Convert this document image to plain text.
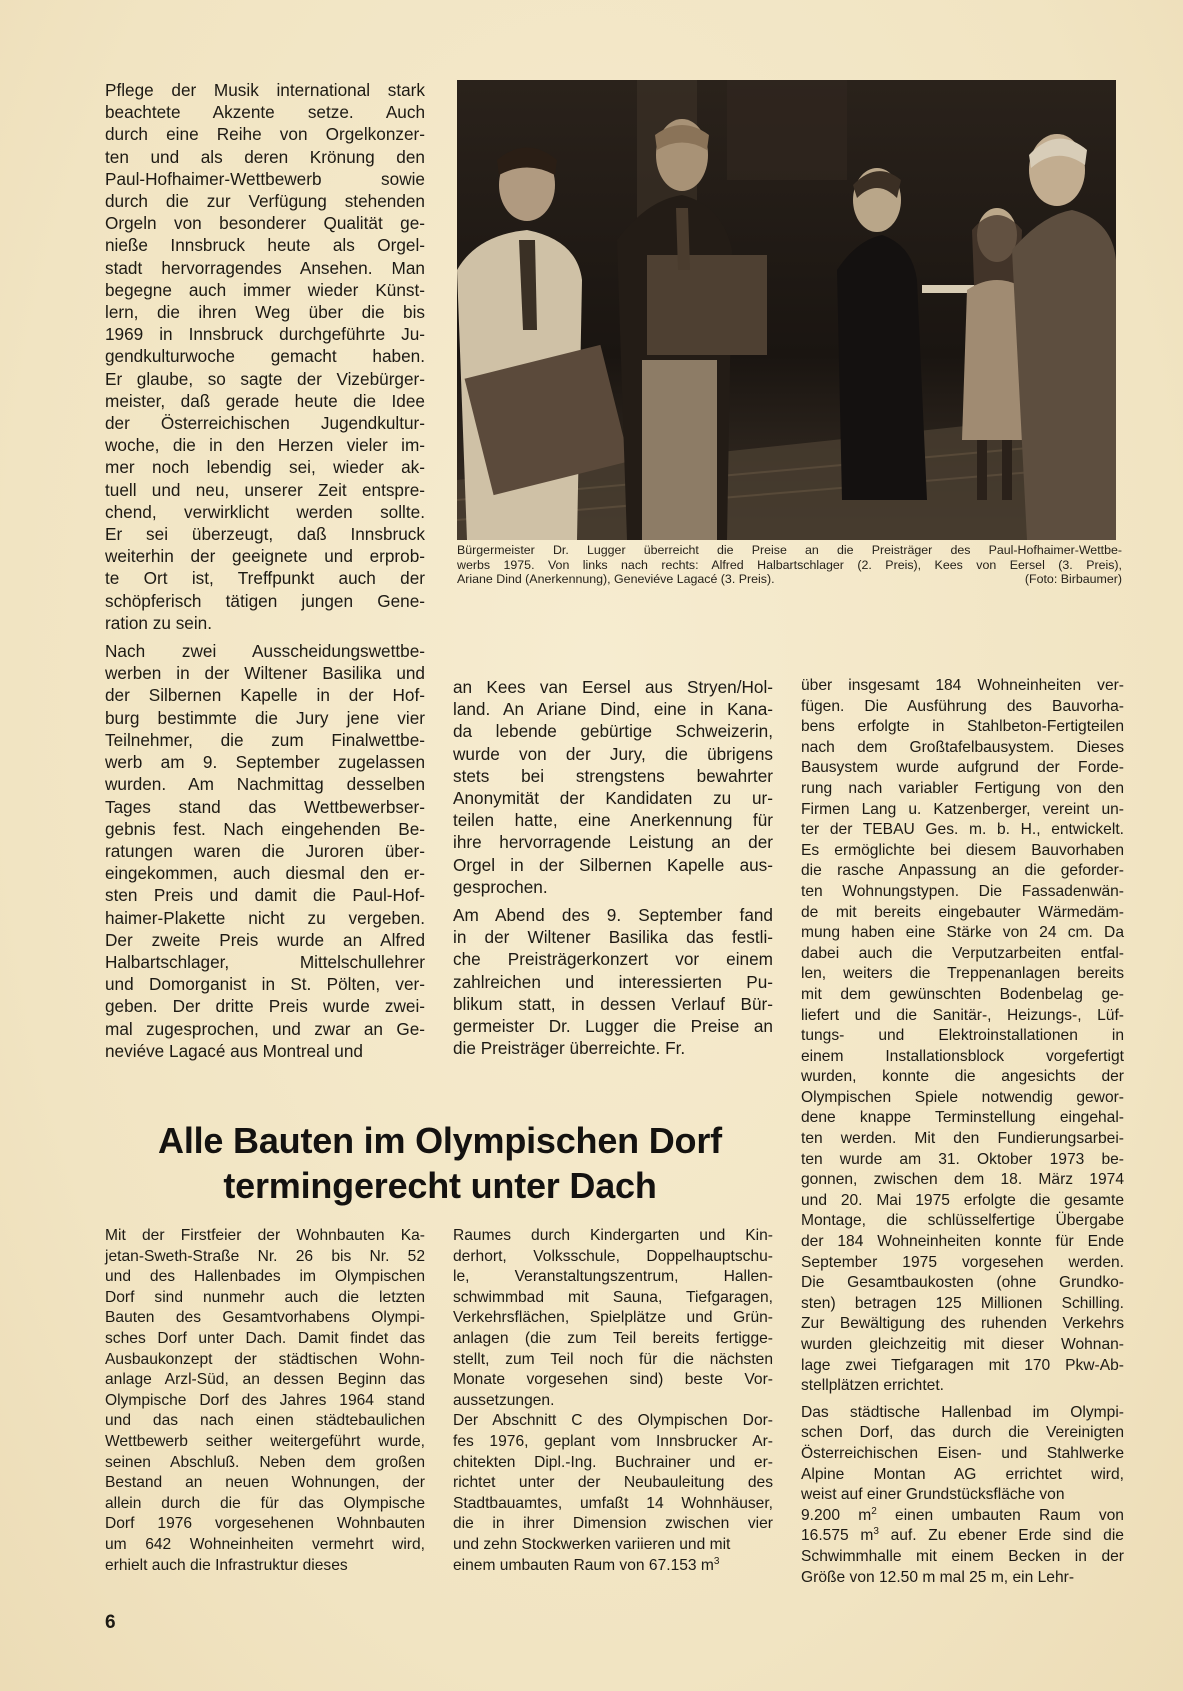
Pflege der Musik international stark
beachtete Akzente setze. Auch
durch eine Reihe von Orgelkonzer-
ten und als deren Krönung den
Paul-Hofhaimer-Wettbewerb sowie
durch die zur Verfügung stehenden
Orgeln von besonderer Qualität ge-
nieße Innsbruck heute als Orgel-
stadt hervorragendes Ansehen. Man
begegne auch immer wieder Künst-
lern, die ihren Weg über die bis
1969 in Innsbruck durchgeführte Ju-
gendkulturwoche gemacht haben.
Er glaube, so sagte der Vizebürger-
meister, daß gerade heute die Idee
der Österreichischen Jugendkultur-
woche, die in den Herzen vieler im-
mer noch lebendig sei, wieder ak-
tuell und neu, unserer Zeit entspre-
chend, verwirklicht werden sollte.
Er sei überzeugt, daß Innsbruck
weiterhin der geeignete und erprob-
te Ort ist, Treffpunkt auch der
schöpferisch tätigen jungen Gene-
ration zu sein.

Nach zwei Ausscheidungswettbe-
werben in der Wiltener Basilika und
der Silbernen Kapelle in der Hof-
burg bestimmte die Jury jene vier
Teilnehmer, die zum Finalwettbe-
werb am 9. September zugelassen
wurden. Am Nachmittag desselben
Tages stand das Wettbewerbser-
gebnis fest. Nach eingehenden Be-
ratungen waren die Juroren über-
eingekommen, auch diesmal den er-
sten Preis und damit die Paul-Hof-
haimer-Plakette nicht zu vergeben.
Der zweite Preis wurde an Alfred
Halbartschlager, Mittelschullehrer
und Domorganist in St. Pölten, ver-
geben. Der dritte Preis wurde zwei-
mal zugesprochen, und zwar an Ge-
neviéve Lagacé aus Montreal und

Bürgermeister Dr. Lugger überreicht die Preise an die Preisträger des Paul-Hofhaimer-Wettbe-
werbs 1975. Von links nach rechts: Alfred Halbartschlager (2. Preis), Kees von Eersel (3. Preis),
Ariane Dind (Anerkennung), Geneviéve Lagacé (3. Preis).	(Foto: Birbaumer)

an Kees van Eersel aus Stryen/Hol-
land. An Ariane Dind, eine in Kana-
da lebende gebürtige Schweizerin,
wurde von der Jury, die übrigens
stets bei strengstens bewahrter
Anonymität der Kandidaten zu ur-
teilen hatte, eine Anerkennung für
ihre hervorragende Leistung an der
Orgel in der Silbernen Kapelle aus-
gesprochen.

Am Abend des 9. September fand
in der Wiltener Basilika das festli-
che Preisträgerkonzert vor einem
zahlreichen und interessierten Pu-
blikum statt, in dessen Verlauf Bür-
germeister Dr. Lugger die Preise an
die Preisträger überreichte. Fr.

über insgesamt 184 Wohneinheiten ver-
fügen. Die Ausführung des Bauvorha-
bens erfolgte in Stahlbeton-Fertigteilen
nach dem Großtafelbausystem. Dieses
Bausystem wurde aufgrund der Forde-
rung nach variabler Fertigung von den
Firmen Lang u. Katzenberger, vereint un-
ter der TEBAU Ges. m. b. H., entwickelt.
Es ermöglichte bei diesem Bauvorhaben
die rasche Anpassung an die geforder-
ten Wohnungstypen. Die Fassadenwän-
de mit bereits eingebauter Wärmedäm-
mung haben eine Stärke von 24 cm. Da
dabei auch die Verputzarbeiten entfal-
len, weiters die Treppenanlagen bereits
mit dem gewünschten Bodenbelag ge-
liefert und die Sanitär-, Heizungs-, Lüf-
tungs- und Elektroinstallationen in
einem Installationsblock vorgefertigt
wurden, konnte die angesichts der
Olympischen Spiele notwendig gewor-
dene knappe Terminstellung eingehal-
ten werden. Mit den Fundierungsarbei-
ten wurde am 31. Oktober 1973 be-
gonnen, zwischen dem 18. März 1974
und 20. Mai 1975 erfolgte die gesamte
Montage, die schlüsselfertige Übergabe
der 184 Wohneinheiten konnte für Ende
September 1975 vorgesehen werden.
Die Gesamtbaukosten (ohne Grundko-
sten) betragen 125 Millionen Schilling.
Zur Bewältigung des ruhenden Verkehrs
wurden gleichzeitig mit dieser Wohnan-
lage zwei Tiefgaragen mit 170 Pkw-Ab-
stellplätzen errichtet.

Das städtische Hallenbad im Olympi-
schen Dorf, das durch die Vereinigten
Österreichischen Eisen- und Stahlwerke
Alpine Montan AG errichtet wird,
weist auf einer Grundstücksfläche von

9.200 $m^2$ einen umbauten Raum von
16.575 $m^3$ auf. Zu ebener Erde sind die

Schwimmhalle mit einem Becken in der
Größe von 12.50 m mal 25 m, ein Lehr-

Alle Bauten im Olympischen Dorf
termingerecht unter Dach

Mit der Firstfeier der Wohnbauten Ka-
jetan-Sweth-Straße Nr. 26 bis Nr. 52
und des Hallenbades im Olympischen
Dorf sind nunmehr auch die letzten
Bauten des Gesamtvorhabens Olympi-
sches Dorf unter Dach. Damit findet das
Ausbaukonzept der städtischen Wohn-
anlage Arzl-Süd, an dessen Beginn das
Olympische Dorf des Jahres 1964 stand
und das nach einen städtebaulichen
Wettbewerb seither weitergeführt wurde,
seinen Abschluß. Neben dem großen
Bestand an neuen Wohnungen, der
allein durch die für das Olympische
Dorf 1976 vorgesehenen Wohnbauten
um 642 Wohneinheiten vermehrt wird,
erhielt auch die Infrastruktur dieses

Raumes durch Kindergarten und Kin-
derhort, Volksschule, Doppelhauptschu-
le, Veranstaltungszentrum, Hallen-
schwimmbad mit Sauna, Tiefgaragen,
Verkehrsflächen, Spielplätze und Grün-
anlagen (die zum Teil bereits fertigge-
stellt, zum Teil noch für die nächsten
Monate vorgesehen sind) beste Vor-
aussetzungen.

Der Abschnitt C des Olympischen Dor-
fes 1976, geplant vom Innsbrucker Ar-
chitekten Dipl.-Ing. Buchrainer und er-
richtet unter der Neubauleitung des
Stadtbauamtes, umfaßt 14 Wohnhäuser,
die in ihrer Dimension zwischen vier
und zehn Stockwerken variieren und mit

einem umbauten Raum von 67.153 $m^3$
6
